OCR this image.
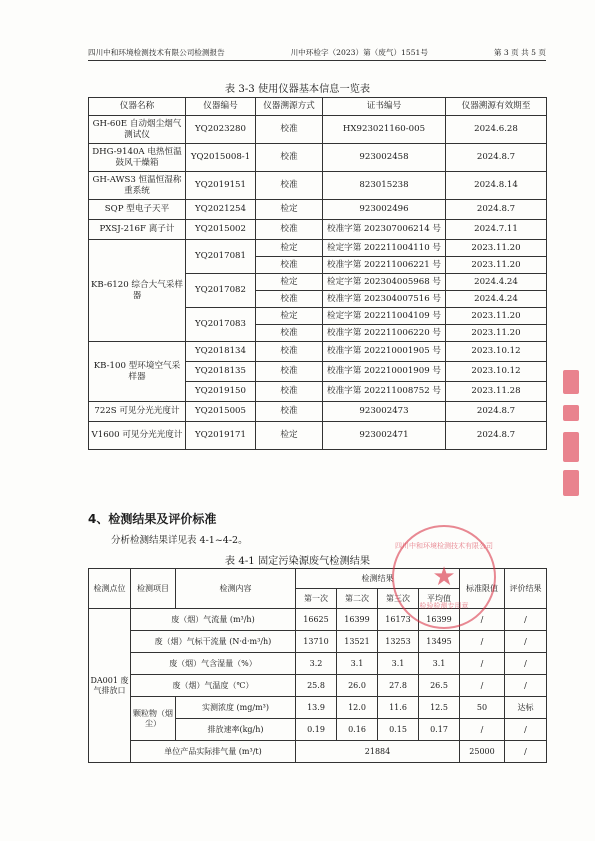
四川中和环境检测技术有限公司检测报告	川中环检字（2023）第（废气）1551号	第 3 页 共 5 页
表 3-3 使用仪器基本信息一览表
仪器名称	仪器编号	仪器溯源方式	证书编号	仪器溯源有效期至
GH-60E 自动烟尘烟气测试仪	YQ2023280	校准	HX923021160-005	2024.6.28
DHG-9140A 电热恒温鼓风干燥箱	YQ2015008-1	校准	923002458	2024.8.7
GH-AWS3 恒温恒湿称重系统	YQ2019151	校准	823015238	2024.8.14
SQP 型电子天平	YQ2021254	检定	923002496	2024.8.7
PXSJ-216F 离子计	YQ2015002	校准	校准字第 202307006214 号	2024.7.11
KB-6120 综合大气采样器	YQ2017081	检定	检定字第 202211004110 号	2023.11.20
		校准	校准字第 202211006221 号	2023.11.20
	YQ2017082	检定	检定字第 202304005968 号	2024.4.24
		校准	校准字第 202304007516 号	2024.4.24
	YQ2017083	检定	检定字第 202211004109 号	2023.11.20
		校准	校准字第 202211006220 号	2023.11.20
KB-100 型环境空气采样器	YQ2018134	校准	校准字第 202210001905 号	2023.10.12
	YQ2018135	校准	校准字第 202210001909 号	2023.10.12
	YQ2019150	校准	校准字第 202211008752 号	2023.11.28
722S 可见分光光度计	YQ2015005	校准	923002473	2024.8.7
V1600 可见分光光度计	YQ2019171	检定	923002471	2024.8.7
4、检测结果及评价标准
分析检测结果详见表 4-1~4-2。
表 4-1 固定污染源废气检测结果
检测点位	检测项目	检测内容	检测结果				标准限值	评价结果
			第一次	第二次	第三次	平均值		
DA001 废气排放口	废（烟）气流量 (m³/h)		16625	16399	16173	16399	/	/
	废（烟）气标干流量 (N·d·m³/h)		13710	13521	13253	13495	/	/
	废（烟）气含湿量（%）		3.2	3.1	3.1	3.1	/	/
	废（烟）气温度（℃）		25.8	26.0	27.8	26.5	/	/
	颗粒物（烟尘）	实测浓度 (mg/m³)	13.9	12.0	11.6	12.5	50	达标
		排放速率(kg/h)	0.19	0.16	0.15	0.17	/	/
	单位产品实际排气量 (m³/t)		21884				25000	/
四川中和环境检测技术有限公司
★
检验检测专用章
